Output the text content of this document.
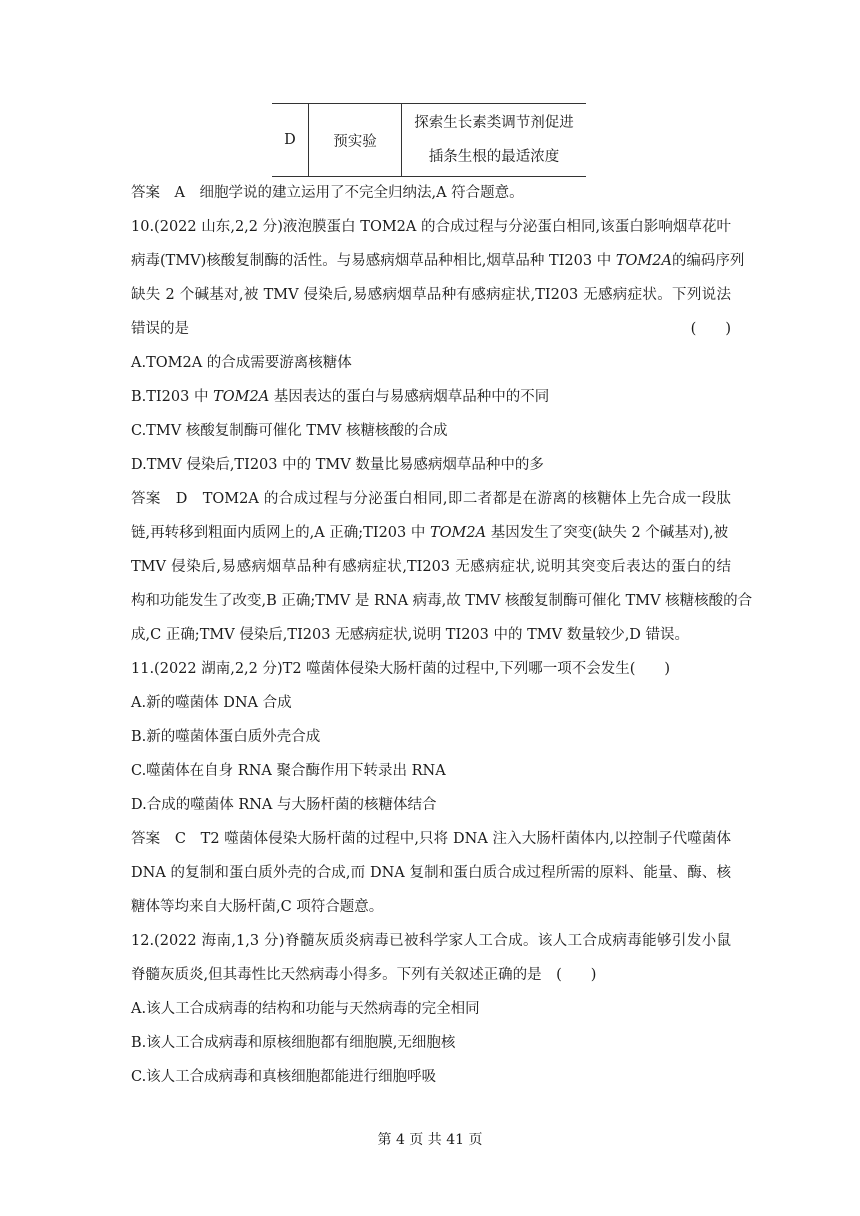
D	预实验	探索生长素类调节剂促进
插条生根的最适浓度
答案　A　细胞学说的建立运用了不完全归纳法,A 符合题意。
10.(2022 山东,2,2 分)液泡膜蛋白 TOM2A 的合成过程与分泌蛋白相同,该蛋白影响烟草花叶
病毒(TMV)核酸复制酶的活性。与易感病烟草品种相比,烟草品种 TI203 中 TOM2A的编码序列
缺失 2 个碱基对,被 TMV 侵染后,易感病烟草品种有感病症状,TI203 无感病症状。下列说法
错误的是	(　　)
A.TOM2A 的合成需要游离核糖体
B.TI203 中 TOM2A 基因表达的蛋白与易感病烟草品种中的不同
C.TMV 核酸复制酶可催化 TMV 核糖核酸的合成
D.TMV 侵染后,TI203 中的 TMV 数量比易感病烟草品种中的多
答案　D　TOM2A 的合成过程与分泌蛋白相同,即二者都是在游离的核糖体上先合成一段肽
链,再转移到粗面内质网上的,A 正确;TI203 中 TOM2A 基因发生了突变(缺失 2 个碱基对),被
TMV 侵染后,易感病烟草品种有感病症状,TI203 无感病症状,说明其突变后表达的蛋白的结
构和功能发生了改变,B 正确;TMV 是 RNA 病毒,故 TMV 核酸复制酶可催化 TMV 核糖核酸的合
成,C 正确;TMV 侵染后,TI203 无感病症状,说明 TI203 中的 TMV 数量较少,D 错误。
11.(2022 湖南,2,2 分)T2 噬菌体侵染大肠杆菌的过程中,下列哪一项不会发生(　　)
A.新的噬菌体 DNA 合成
B.新的噬菌体蛋白质外壳合成
C.噬菌体在自身 RNA 聚合酶作用下转录出 RNA
D.合成的噬菌体 RNA 与大肠杆菌的核糖体结合
答案　C　T2 噬菌体侵染大肠杆菌的过程中,只将 DNA 注入大肠杆菌体内,以控制子代噬菌体
DNA 的复制和蛋白质外壳的合成,而 DNA 复制和蛋白质合成过程所需的原料、能量、酶、核
糖体等均来自大肠杆菌,C 项符合题意。
12.(2022 海南,1,3 分)脊髓灰质炎病毒已被科学家人工合成。该人工合成病毒能够引发小鼠
脊髓灰质炎,但其毒性比天然病毒小得多。下列有关叙述正确的是　(　　)
A.该人工合成病毒的结构和功能与天然病毒的完全相同
B.该人工合成病毒和原核细胞都有细胞膜,无细胞核
C.该人工合成病毒和真核细胞都能进行细胞呼吸
第 4 页 共 41 页
